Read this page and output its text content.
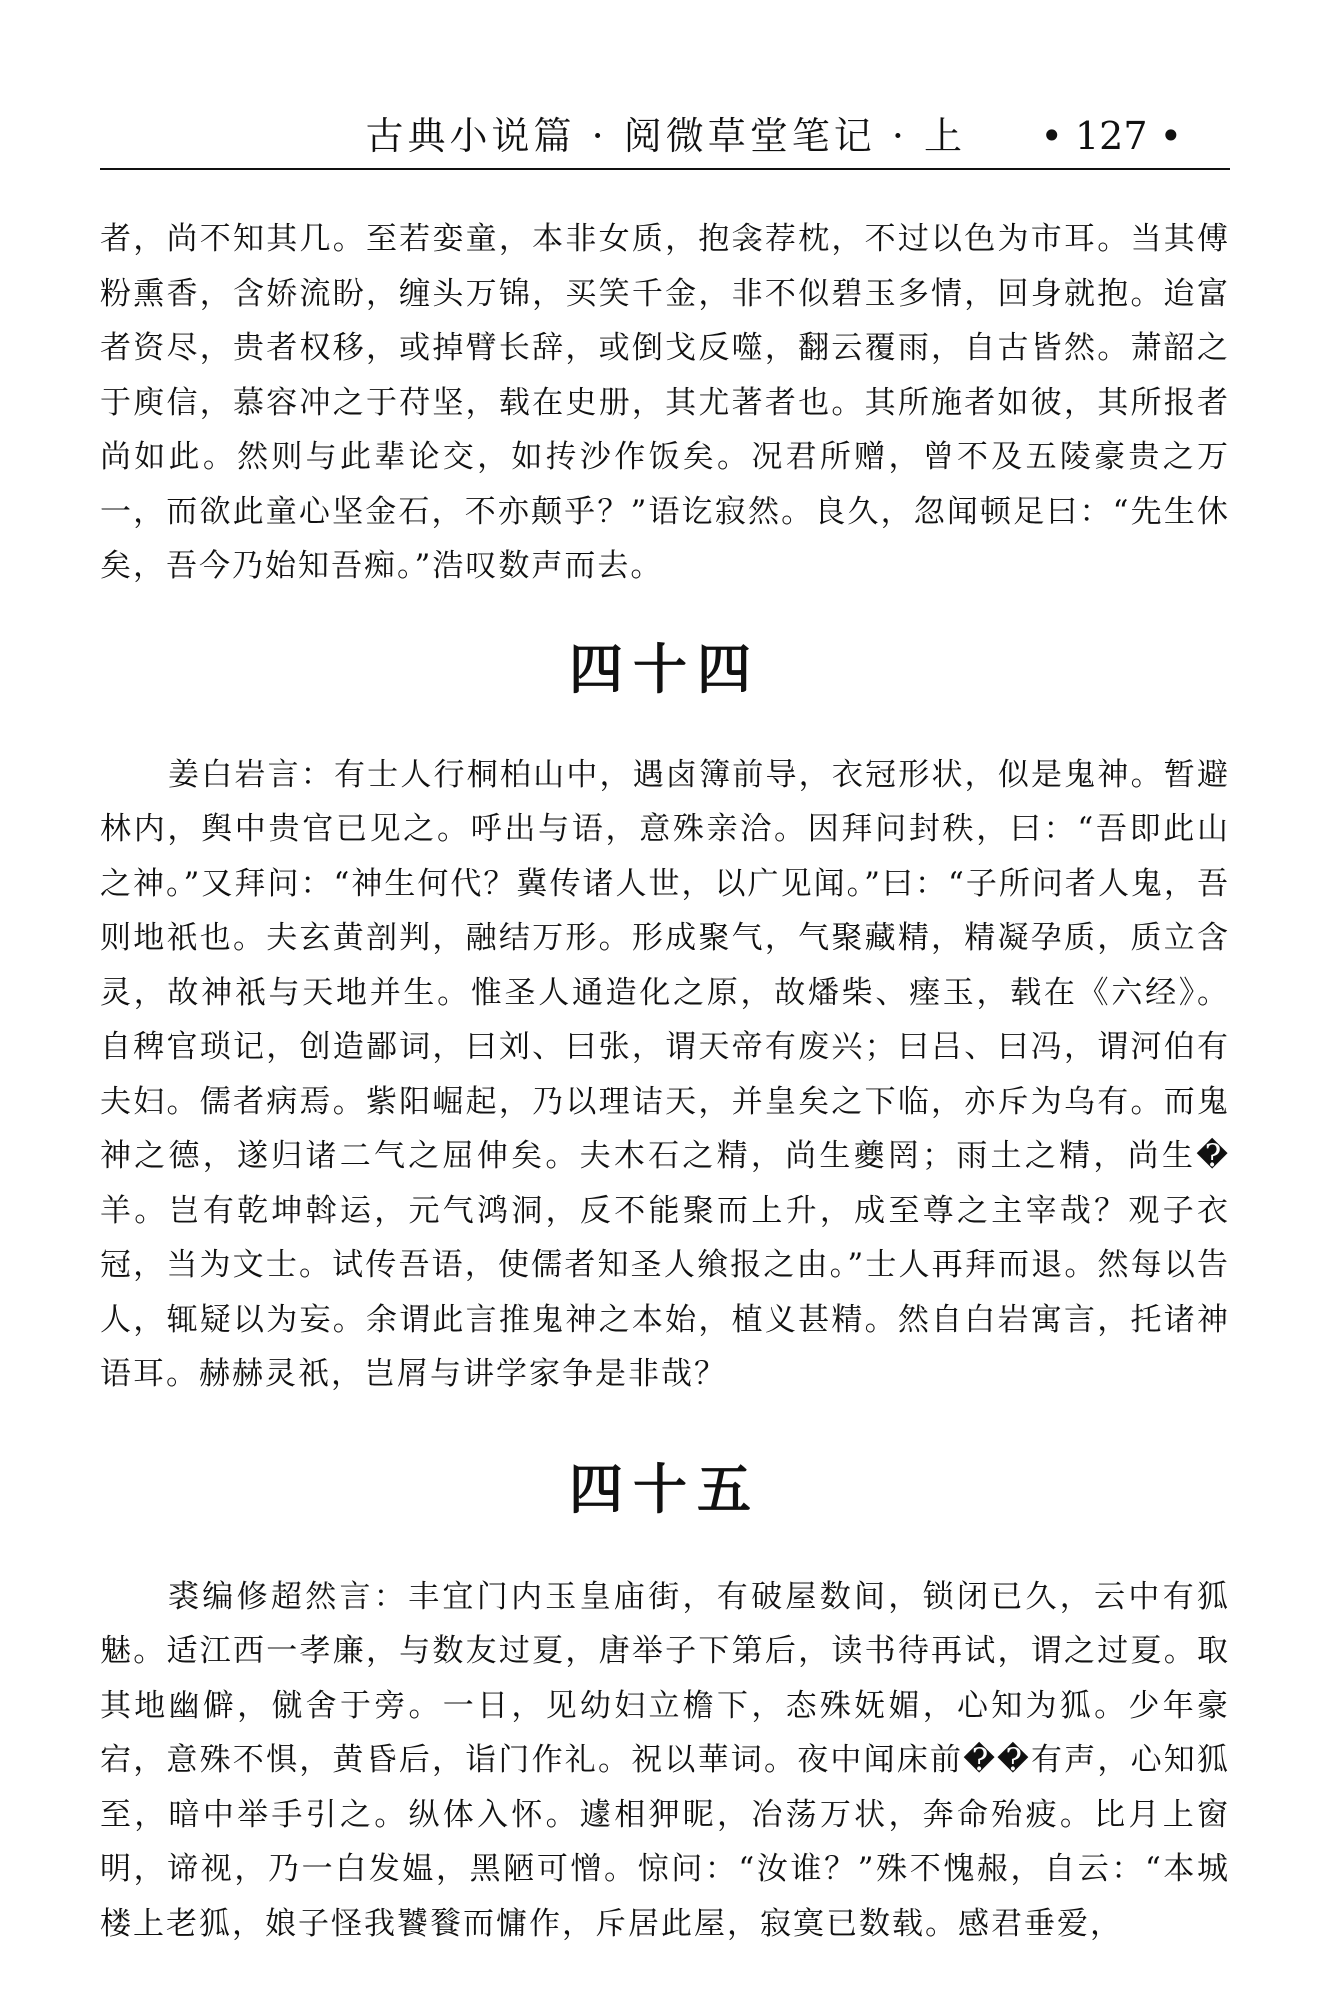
古典小说篇 · 阅微草堂笔记 · 上 • 127 •

者，尚不知其几。至若娈童，本非女质，抱衾荐枕，不过以色为市耳。当其傅粉熏香，含娇流盼，缠头万锦，买笑千金，非不似碧玉多情，回身就抱。迨富者资尽，贵者权移，或掉臂长辞，或倒戈反噬，翻云覆雨，自古皆然。萧韶之于庾信，慕容冲之于苻坚，载在史册，其尤著者也。其所施者如彼，其所报者尚如此。然则与此辈论交，如抟沙作饭矣。况君所赠，曾不及五陵豪贵之万一，而欲此童心坚金石，不亦颠乎？”语讫寂然。良久，忽闻顿足曰：“先生休矣，吾今乃始知吾痴。”浩叹数声而去。

四十四

姜白岩言：有士人行桐柏山中，遇卤簿前导，衣冠形状，似是鬼神。暂避林内，舆中贵官已见之。呼出与语，意殊亲洽。因拜问封秩，曰：“吾即此山之神。”又拜问：“神生何代？冀传诸人世，以广见闻。”曰：“子所问者人鬼，吾则地祇也。夫玄黄剖判，融结万形。形成聚气，气聚藏精，精凝孕质，质立含灵，故神祇与天地并生。惟圣人通造化之原，故燔柴、瘗玉，载在《六经》。自稗官琐记，创造鄙词，曰刘、曰张，谓天帝有废兴；曰吕、曰冯，谓河伯有夫妇。儒者病焉。紫阳崛起，乃以理诘天，并皇矣之下临，亦斥为乌有。而鬼神之德，遂归诸二气之屈伸矣。夫木石之精，尚生夔罔；雨土之精，尚生�羊。岂有乾坤斡运，元气鸿洞，反不能聚而上升，成至尊之主宰哉？观子衣冠，当为文士。试传吾语，使儒者知圣人飨报之由。”士人再拜而退。然每以告人，辄疑以为妄。余谓此言推鬼神之本始，植义甚精。然自白岩寓言，托诸神语耳。赫赫灵祇，岂屑与讲学家争是非哉？

四十五

裘编修超然言：丰宜门内玉皇庙街，有破屋数间，锁闭已久，云中有狐魅。适江西一孝廉，与数友过夏，唐举子下第后，读书待再试，谓之过夏。取其地幽僻，僦舍于旁。一日，见幼妇立檐下，态殊妩媚，心知为狐。少年豪宕，意殊不惧，黄昏后，诣门作礼。祝以華词。夜中闻床前��有声，心知狐至，暗中举手引之。纵体入怀。遽相狎昵，冶荡万状，奔命殆疲。比月上窗明，谛视，乃一白发媪，黑陋可憎。惊问：“汝谁？”殊不愧赧，自云：“本城楼上老狐，娘子怪我饕餮而慵作，斥居此屋，寂寞已数载。感君垂爱，
